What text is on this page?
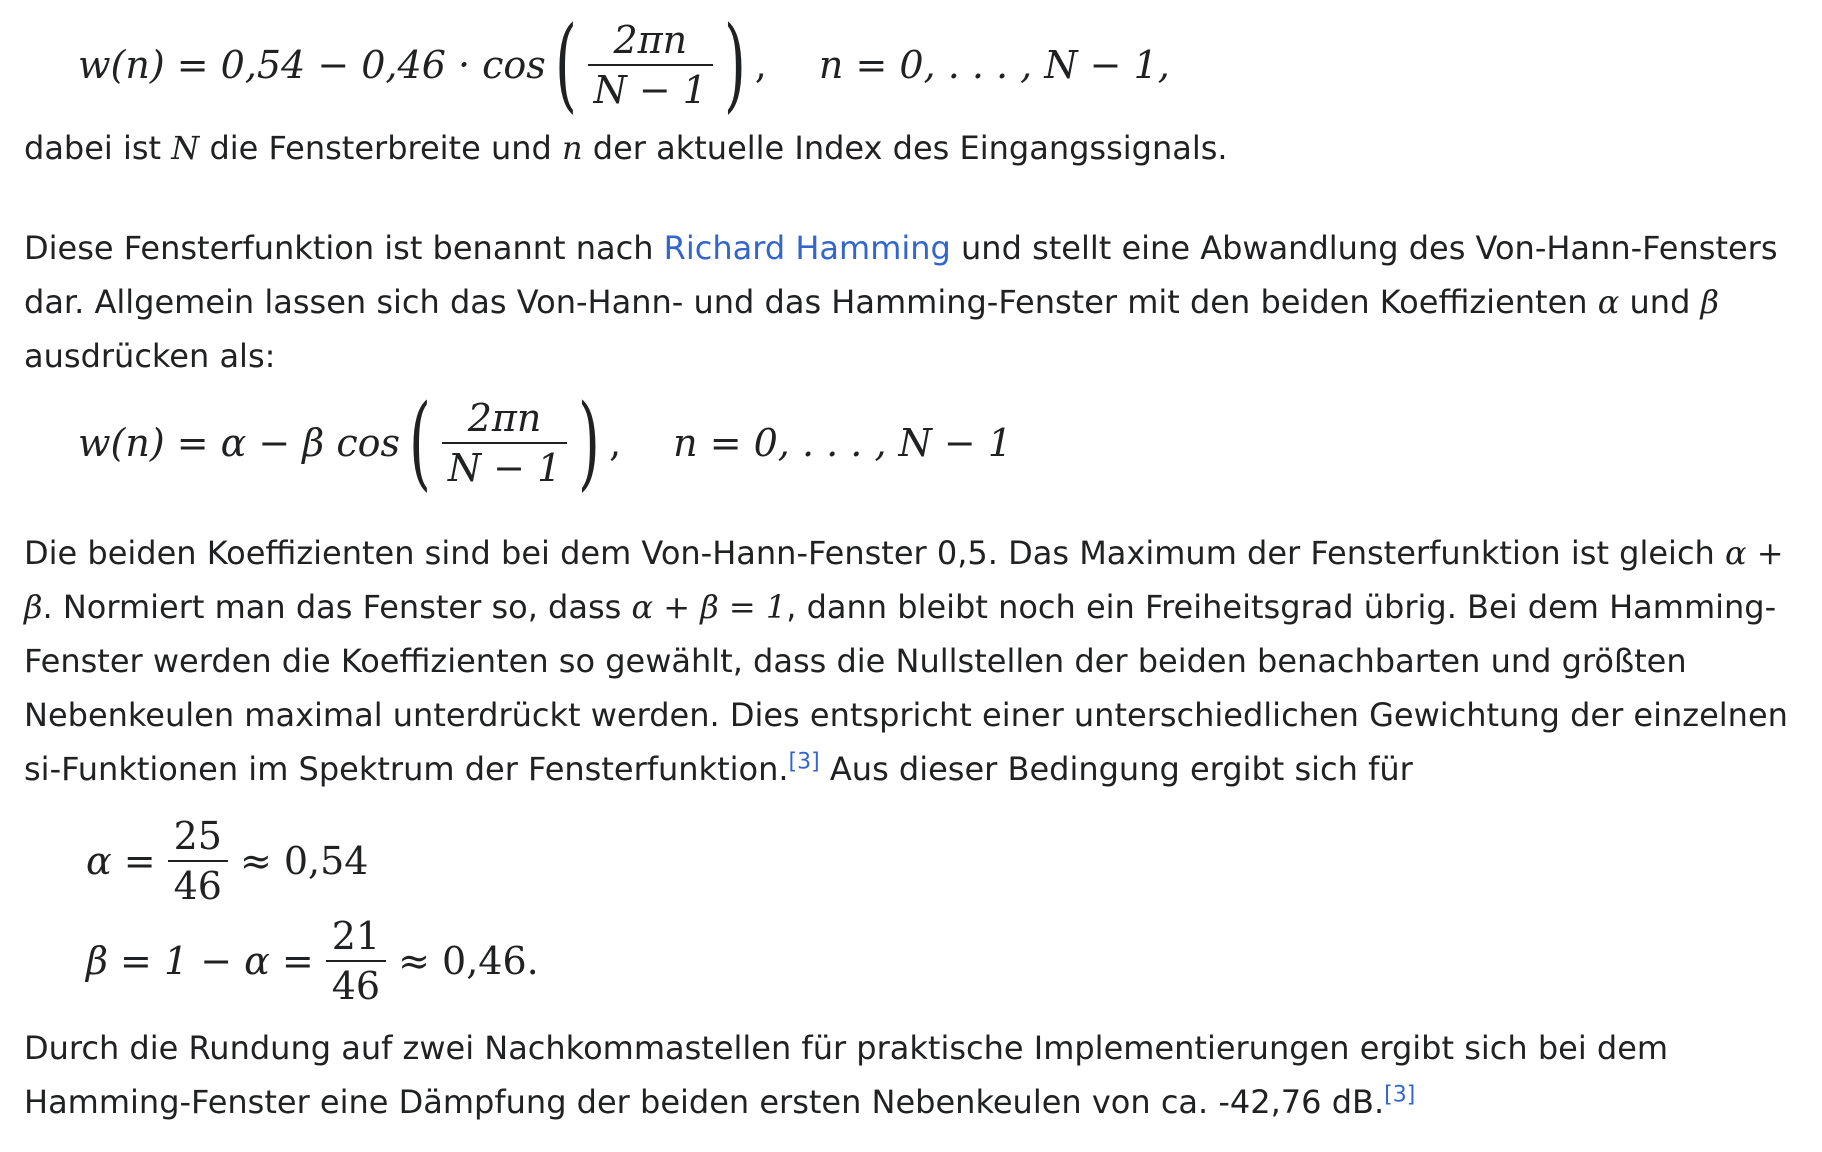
w(n) = 0,54 − 0,46 · cos ( $\frac{2\pi n}{N - 1}$ ) , n = 0, . . . , N − 1,

dabei ist N die Fensterbreite und n der aktuelle Index des Eingangssignals.

Diese Fensterfunktion ist benannt nach Richard Hamming und stellt eine Abwandlung des Von-Hann-Fensters dar. Allgemein lassen sich das Von-Hann- und das Hamming-Fenster mit den beiden Koeffizienten α und β ausdrücken als:

w(n) = α − β cos ( $\frac{2\pi n}{N - 1}$ ) , n = 0, . . . , N − 1

Die beiden Koeffizienten sind bei dem Von-Hann-Fenster 0,5. Das Maximum der Fensterfunktion ist gleich α + β. Normiert man das Fenster so, dass α + β = 1, dann bleibt noch ein Freiheitsgrad übrig. Bei dem Hamming-Fenster werden die Koeffizienten so gewählt, dass die Nullstellen der beiden benachbarten und größten Nebenkeulen maximal unterdrückt werden. Dies entspricht einer unterschiedlichen Gewichtung der einzelnen si-Funktionen im Spektrum der Fensterfunktion.[3] Aus dieser Bedingung ergibt sich für

$\alpha = \frac{25}{46} \approx 0,54$
$\beta = 1 - \alpha = \frac{21}{46} \approx 0,46$.

Durch die Rundung auf zwei Nachkommastellen für praktische Implementierungen ergibt sich bei dem Hamming-Fenster eine Dämpfung der beiden ersten Nebenkeulen von ca. -42,76 dB.[3]
